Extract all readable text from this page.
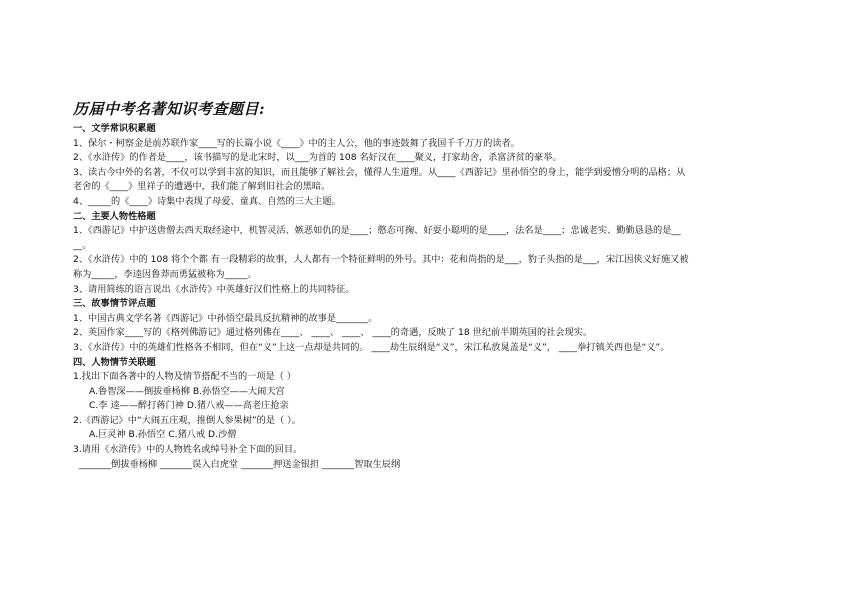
历届中考名著知识考查题目:
一、文学常识积累题
1、保尔・柯察金是前苏联作家____写的长篇小说《____》中的主人公，他的事迹鼓舞了我国千千万万的读者。
2、《水浒传》的作者是____，该书描写的是北宋时，以___为首的 108 名好汉在____聚义，打家劫舍，杀富济贫的豪举。
3、读古今中外的名著，不仅可以学到丰富的知识，而且能够了解社会，懂得人生道理。从____《西游记》里孙悟空的身上，能学到爱憎分明的品格；从
老舍的《____》里祥子的遭遇中，我们能了解到旧社会的黑暗。
4、_____的《____》诗集中表现了母爱、童真、自然的三大主题。
二、主要人物性格题
1、《西游记》中护送唐僧去西天取经途中，机智灵活、嫉恶如仇的是____；憨态可掬、好耍小聪明的是____，法名是____；忠诚老实、勤勤恳恳的是__
__。
2、《水浒传》中的 108 将个个都 有一段精彩的故事，人人都有一个特征鲜明的外号。其中：花和尚指的是___，豹子头指的是___，宋江因侠义好施又被
称为_____，李逵因鲁莽而勇猛被称为_____。
3、请用简练的语言说出《水浒传》中英雄好汉们性格上的共同特征。
三、故事情节评点题
1、中国古典文学名著《西游记》中孙悟空最具反抗精神的故事是_______。
2、英国作家____写的《格列佛游记》通过格列佛在____、 ____、 ____、 ____的奇遇，反映了 18 世纪前半期英国的社会现实。
3、《水浒传》中的英雄们性格各不相同，但在“义”上这一点却是共同的。 ____劫生辰纲是“义”，宋江私放晁盖是“义”， ____拳打镇关西也是“义”。
四、人物情节关联题
1.找出下面各著中的人物及情节搭配不当的一项是（ ）
A.鲁智深——倒拔垂杨柳 B.孙悟空——大闹天宫
C.李 逵——醉打蒋门神 D.猪八戒——高老庄抢亲
2.《西游记》中“大闹五庄观，推倒人参果树”的是（ ）。
A.巨灵神 B.孙悟空 C.猪八戒 D.沙僧
3.请用《水浒传》中的人物姓名或绰号补全下面的回目。
_______倒拔垂杨柳 _______误入白虎堂 _______押送金银担 _______智取生辰纲
